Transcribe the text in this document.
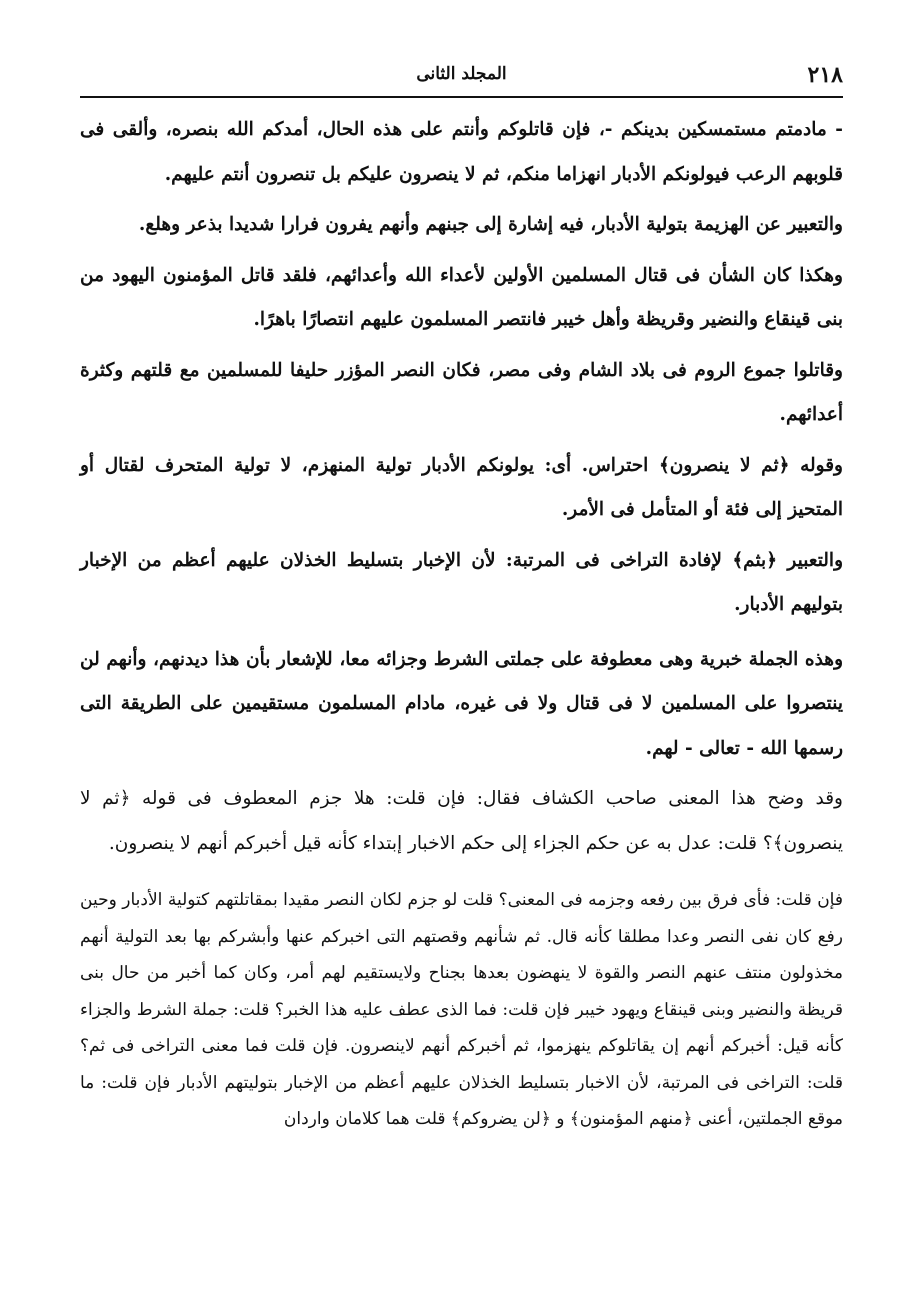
٢١٨
المجلد الثانى

- مادمتم مستمسكين بدينكم -، فإن قاتلوكم وأنتم على هذه الحال، أمدكم الله بنصره، وألقى فى قلوبهم الرعب فيولونكم الأدبار انهزاما منكم، ثم لا ينصرون عليكم بل تنصرون أنتم عليهم.

والتعبير عن الهزيمة بتولية الأدبار، فيه إشارة إلى جبنهم وأنهم يفرون فرارا شديدا بذعر وهلع.

وهكذا كان الشأن فى قتال المسلمين الأولين لأعداء الله وأعدائهم، فلقد قاتل المؤمنون اليهود من بنى قينقاع والنضير وقريظة وأهل خيبر فانتصر المسلمون عليهم انتصارًا باهرًا.

وقاتلوا جموع الروم فى بلاد الشام وفى مصر، فكان النصر المؤزر حليفا للمسلمين مع قلتهم وكثرة أعدائهم.

وقوله ﴿ثم لا ينصرون﴾ احتراس. أى: يولونكم الأدبار تولية المنهزم، لا تولية المتحرف لقتال أو المتحيز إلى فئة أو المتأمل فى الأمر.

والتعبير ﴿بثم﴾ لإفادة التراخى فى المرتبة: لأن الإخبار بتسليط الخذلان عليهم أعظم من الإخبار بتوليهم الأدبار.

وهذه الجملة خبرية وهى معطوفة على جملتى الشرط وجزائه معا، للإشعار بأن هذا ديدنهم، وأنهم لن ينتصروا على المسلمين لا فى قتال ولا فى غيره، مادام المسلمون مستقيمين على الطريقة التى رسمها الله - تعالى - لهم.

وقد وضح هذا المعنى صاحب الكشاف فقال: فإن قلت: هلا جزم المعطوف فى قوله ﴿ثم لا ينصرون﴾؟ قلت: عدل به عن حكم الجزاء إلى حكم الاخبار إبتداء كأنه قيل أخبركم أنهم لا ينصرون.

فإن قلت: فأى فرق بين رفعه وجزمه فى المعنى؟ قلت لو جزم لكان النصر مقيدا بمقاتلتهم كتولية الأدبار وحين رفع كان نفى النصر وعدا مطلقا كأنه قال. ثم شأنهم وقصتهم التى اخبركم عنها وأبشركم بها بعد التولية أنهم مخذولون منتف عنهم النصر والقوة لا ينهضون بعدها بجناح ولايستقيم لهم أمر، وكان كما أخبر من حال بنى قريظة والنضير وبنى قينقاع ويهود خيبر فإن قلت: فما الذى عطف عليه هذا الخبر؟ قلت: جملة الشرط والجزاء كأنه قيل: أخبركم أنهم إن يقاتلوكم ينهزموا، ثم أخبركم أنهم لاينصرون. فإن قلت فما معنى التراخى فى ثم؟ قلت: التراخى فى المرتبة، لأن الاخبار بتسليط الخذلان عليهم أعظم من الإخبار بتوليتهم الأدبار فإن قلت: ما موقع الجملتين، أعنى ﴿منهم المؤمنون﴾ و ﴿لن يضروكم﴾ قلت هما كلامان واردان
